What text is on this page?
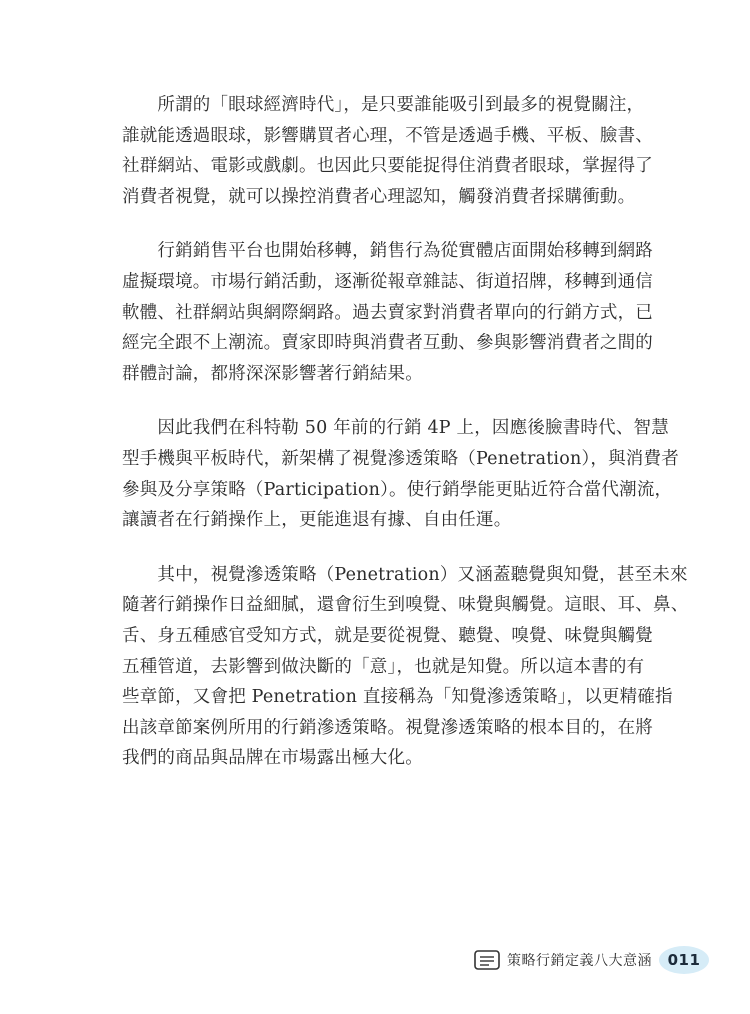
　　所謂的「眼球經濟時代」，是只要誰能吸引到最多的視覺關注，
誰就能透過眼球，影響購買者心理，不管是透過手機、平板、臉書、
社群網站、電影或戲劇。也因此只要能捉得住消費者眼球，掌握得了
消費者視覺，就可以操控消費者心理認知，觸發消費者採購衝動。
　　行銷銷售平台也開始移轉，銷售行為從實體店面開始移轉到網路
虛擬環境。市場行銷活動，逐漸從報章雜誌、街道招牌，移轉到通信
軟體、社群網站與網際網路。過去賣家對消費者單向的行銷方式，已
經完全跟不上潮流。賣家即時與消費者互動、參與影響消費者之間的
群體討論，都將深深影響著行銷結果。
　　因此我們在科特勒 50 年前的行銷 4P 上，因應後臉書時代、智慧
型手機與平板時代，新架構了視覺滲透策略（Penetration），與消費者
參與及分享策略（Participation）。使行銷學能更貼近符合當代潮流，
讓讀者在行銷操作上，更能進退有據、自由任運。
　　其中，視覺滲透策略（Penetration）又涵蓋聽覺與知覺，甚至未來
隨著行銷操作日益細膩，還會衍生到嗅覺、味覺與觸覺。這眼、耳、鼻、
舌、身五種感官受知方式，就是要從視覺、聽覺、嗅覺、味覺與觸覺
五種管道，去影響到做決斷的「意」，也就是知覺。所以這本書的有
些章節，又會把 Penetration 直接稱為「知覺滲透策略」，以更精確指
出該章節案例所用的行銷滲透策略。視覺滲透策略的根本目的，在將
我們的商品與品牌在市場露出極大化。
策略行銷定義八大意涵 011
